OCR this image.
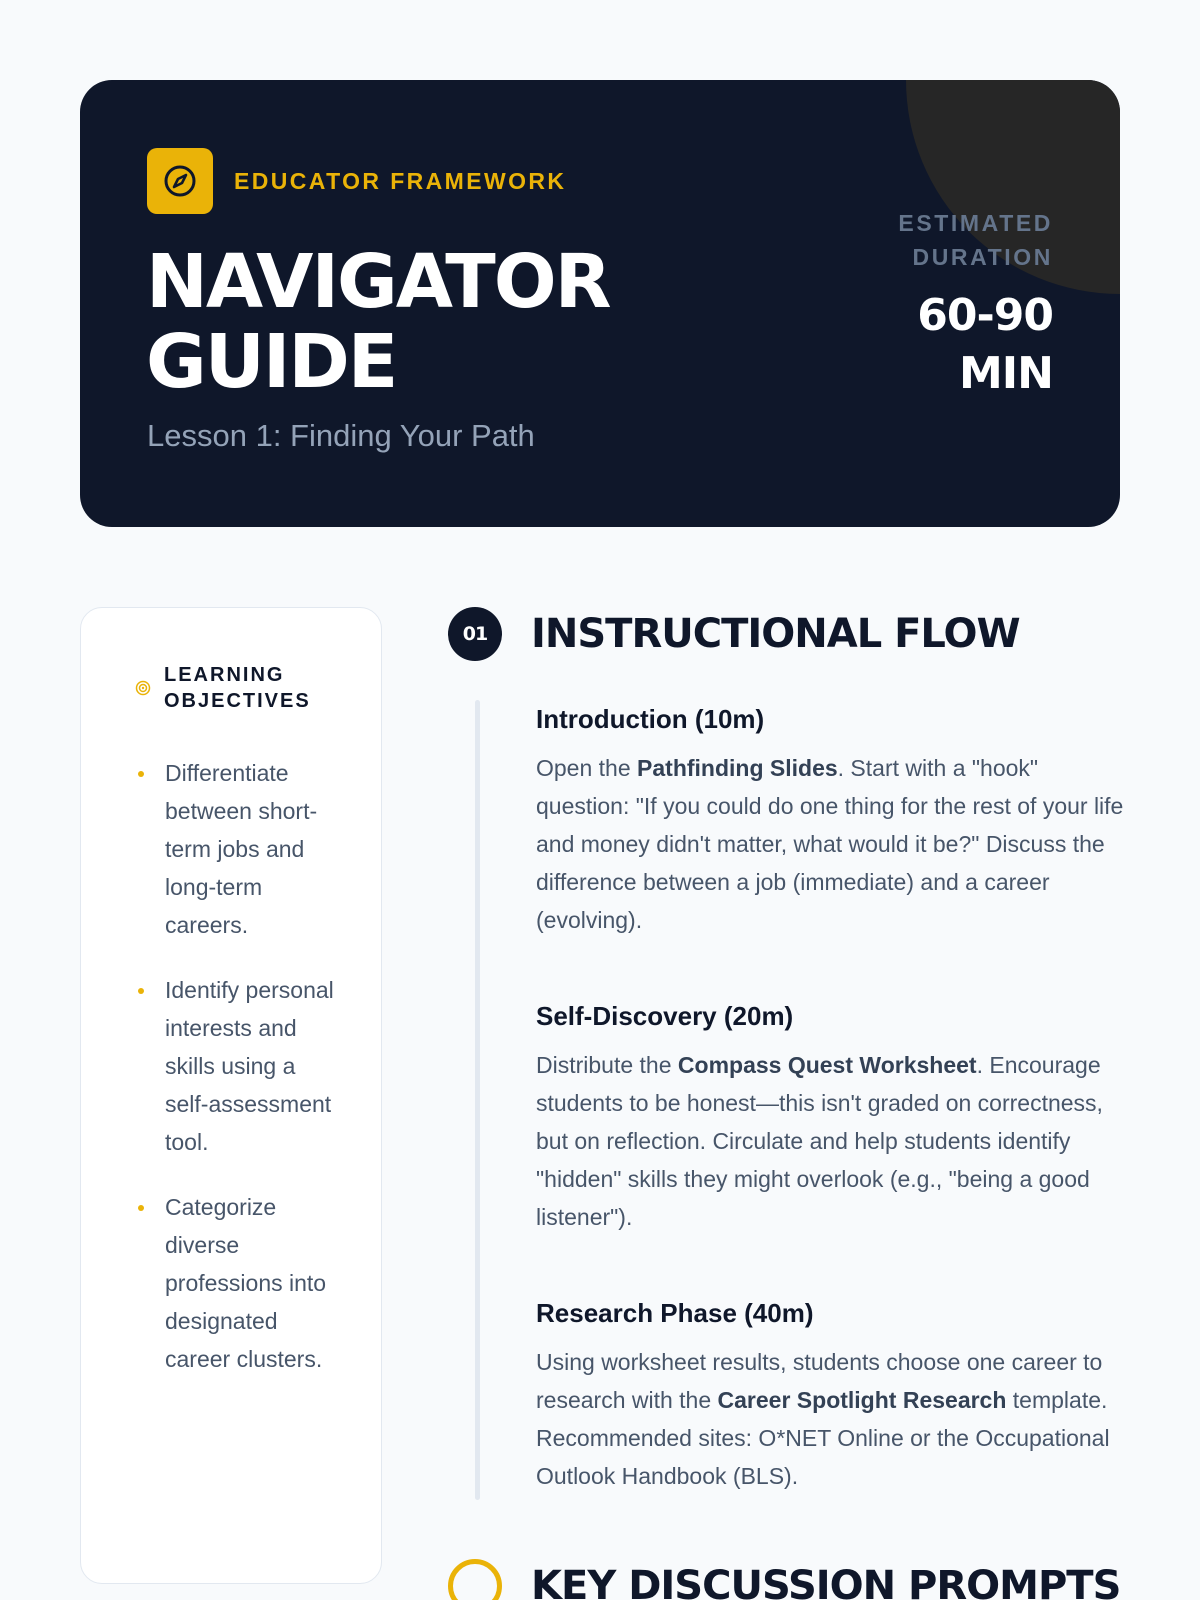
EDUCATOR FRAMEWORK
NAVIGATOR
GUIDE

Lesson 1: Finding Your Path

ESTIMATED
DURATION
60-90
MIN
LEARNING
OBJECTIVES
Differentiate between short-term jobs and long-term careers.
Identify personal interests and skills using a self-assessment tool.
Categorize diverse professions into designated career clusters.
01	INSTRUCTIONAL FLOW
Introduction (10m)

Open the Pathfinding Slides. Start with a "hook" question: "If you could do one thing for the rest of your life and money didn't matter, what would it be?" Discuss the difference between a job (immediate) and a career (evolving).

Self-Discovery (20m)

Distribute the Compass Quest Worksheet. Encourage students to be honest—this isn't graded on correctness, but on reflection. Circulate and help students identify "hidden" skills they might overlook (e.g., "being a good listener").

Research Phase (40m)

Using worksheet results, students choose one career to research with the Career Spotlight Research template. Recommended sites: O*NET Online or the Occupational Outlook Handbook (BLS).

KEY DISCUSSION PROMPTS
